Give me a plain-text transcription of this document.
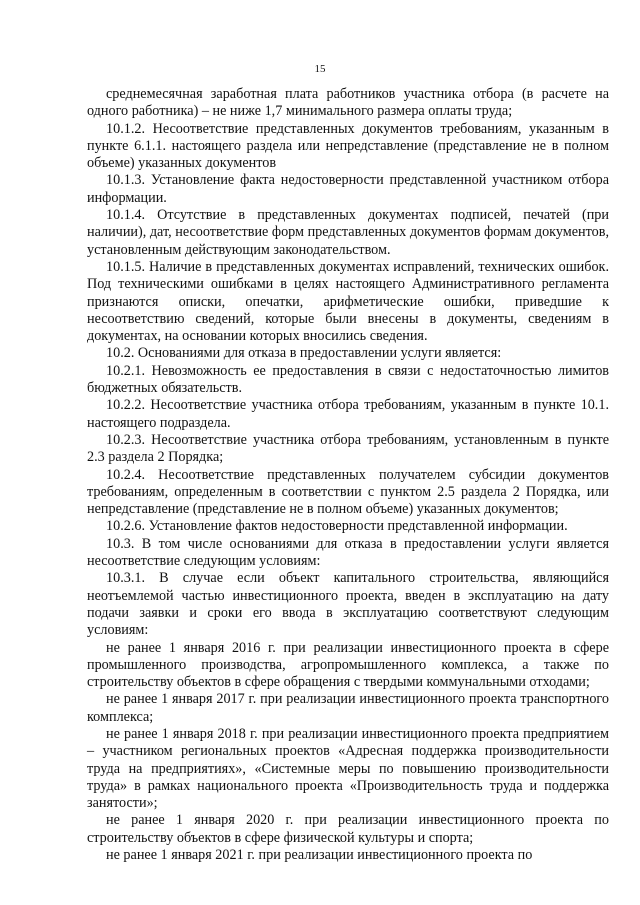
15

среднемесячная заработная плата работников участника отбора (в расчете на одного работника) – не ниже 1,7 минимального размера оплаты труда;

10.1.2. Несоответствие представленных документов требованиям, указанным в пункте 6.1.1. настоящего раздела или непредставление (представление не в полном объеме) указанных документов

10.1.3. Установление факта недостоверности представленной участником отбора информации.

10.1.4. Отсутствие в представленных документах подписей, печатей (при наличии), дат, несоответствие форм представленных документов формам документов, установленным действующим законодательством.

10.1.5. Наличие в представленных документах исправлений, технических ошибок. Под техническими ошибками в целях настоящего Административного регламента признаются описки, опечатки, арифметические ошибки, приведшие к несоответствию сведений, которые были внесены в документы, сведениям в документах, на основании которых вносились сведения.

10.2. Основаниями для отказа в предоставлении услуги является:

10.2.1. Невозможность ее предоставления в связи с недостаточностью лимитов бюджетных обязательств.

10.2.2. Несоответствие участника отбора требованиям, указанным в пункте 10.1. настоящего подраздела.

10.2.3. Несоответствие участника отбора требованиям, установленным в пункте 2.3 раздела 2 Порядка;

10.2.4. Несоответствие представленных получателем субсидии документов требованиям, определенным в соответствии с пунктом 2.5 раздела 2 Порядка, или непредставление (представление не в полном объеме) указанных документов;

10.2.6. Установление фактов недостоверности представленной информации.

10.3. В том числе основаниями для отказа в предоставлении услуги является несоответствие следующим условиям:

10.3.1. В случае если объект капитального строительства, являющийся неотъемлемой частью инвестиционного проекта, введен в эксплуатацию на дату подачи заявки и сроки его ввода в эксплуатацию соответствуют следующим условиям:

не ранее 1 января 2016 г. при реализации инвестиционного проекта в сфере промышленного производства, агропромышленного комплекса, а также по строительству объектов в сфере обращения с твердыми коммунальными отходами;

не ранее 1 января 2017 г. при реализации инвестиционного проекта транспортного комплекса;

не ранее 1 января 2018 г. при реализации инвестиционного проекта предприятием – участником региональных проектов «Адресная поддержка производительности труда на предприятиях», «Системные меры по повышению производительности труда» в рамках национального проекта «Производительность труда и поддержка занятости»;

не ранее 1 января 2020 г. при реализации инвестиционного проекта по строительству объектов в сфере физической культуры и спорта;

не ранее 1 января 2021 г. при реализации инвестиционного проекта по
